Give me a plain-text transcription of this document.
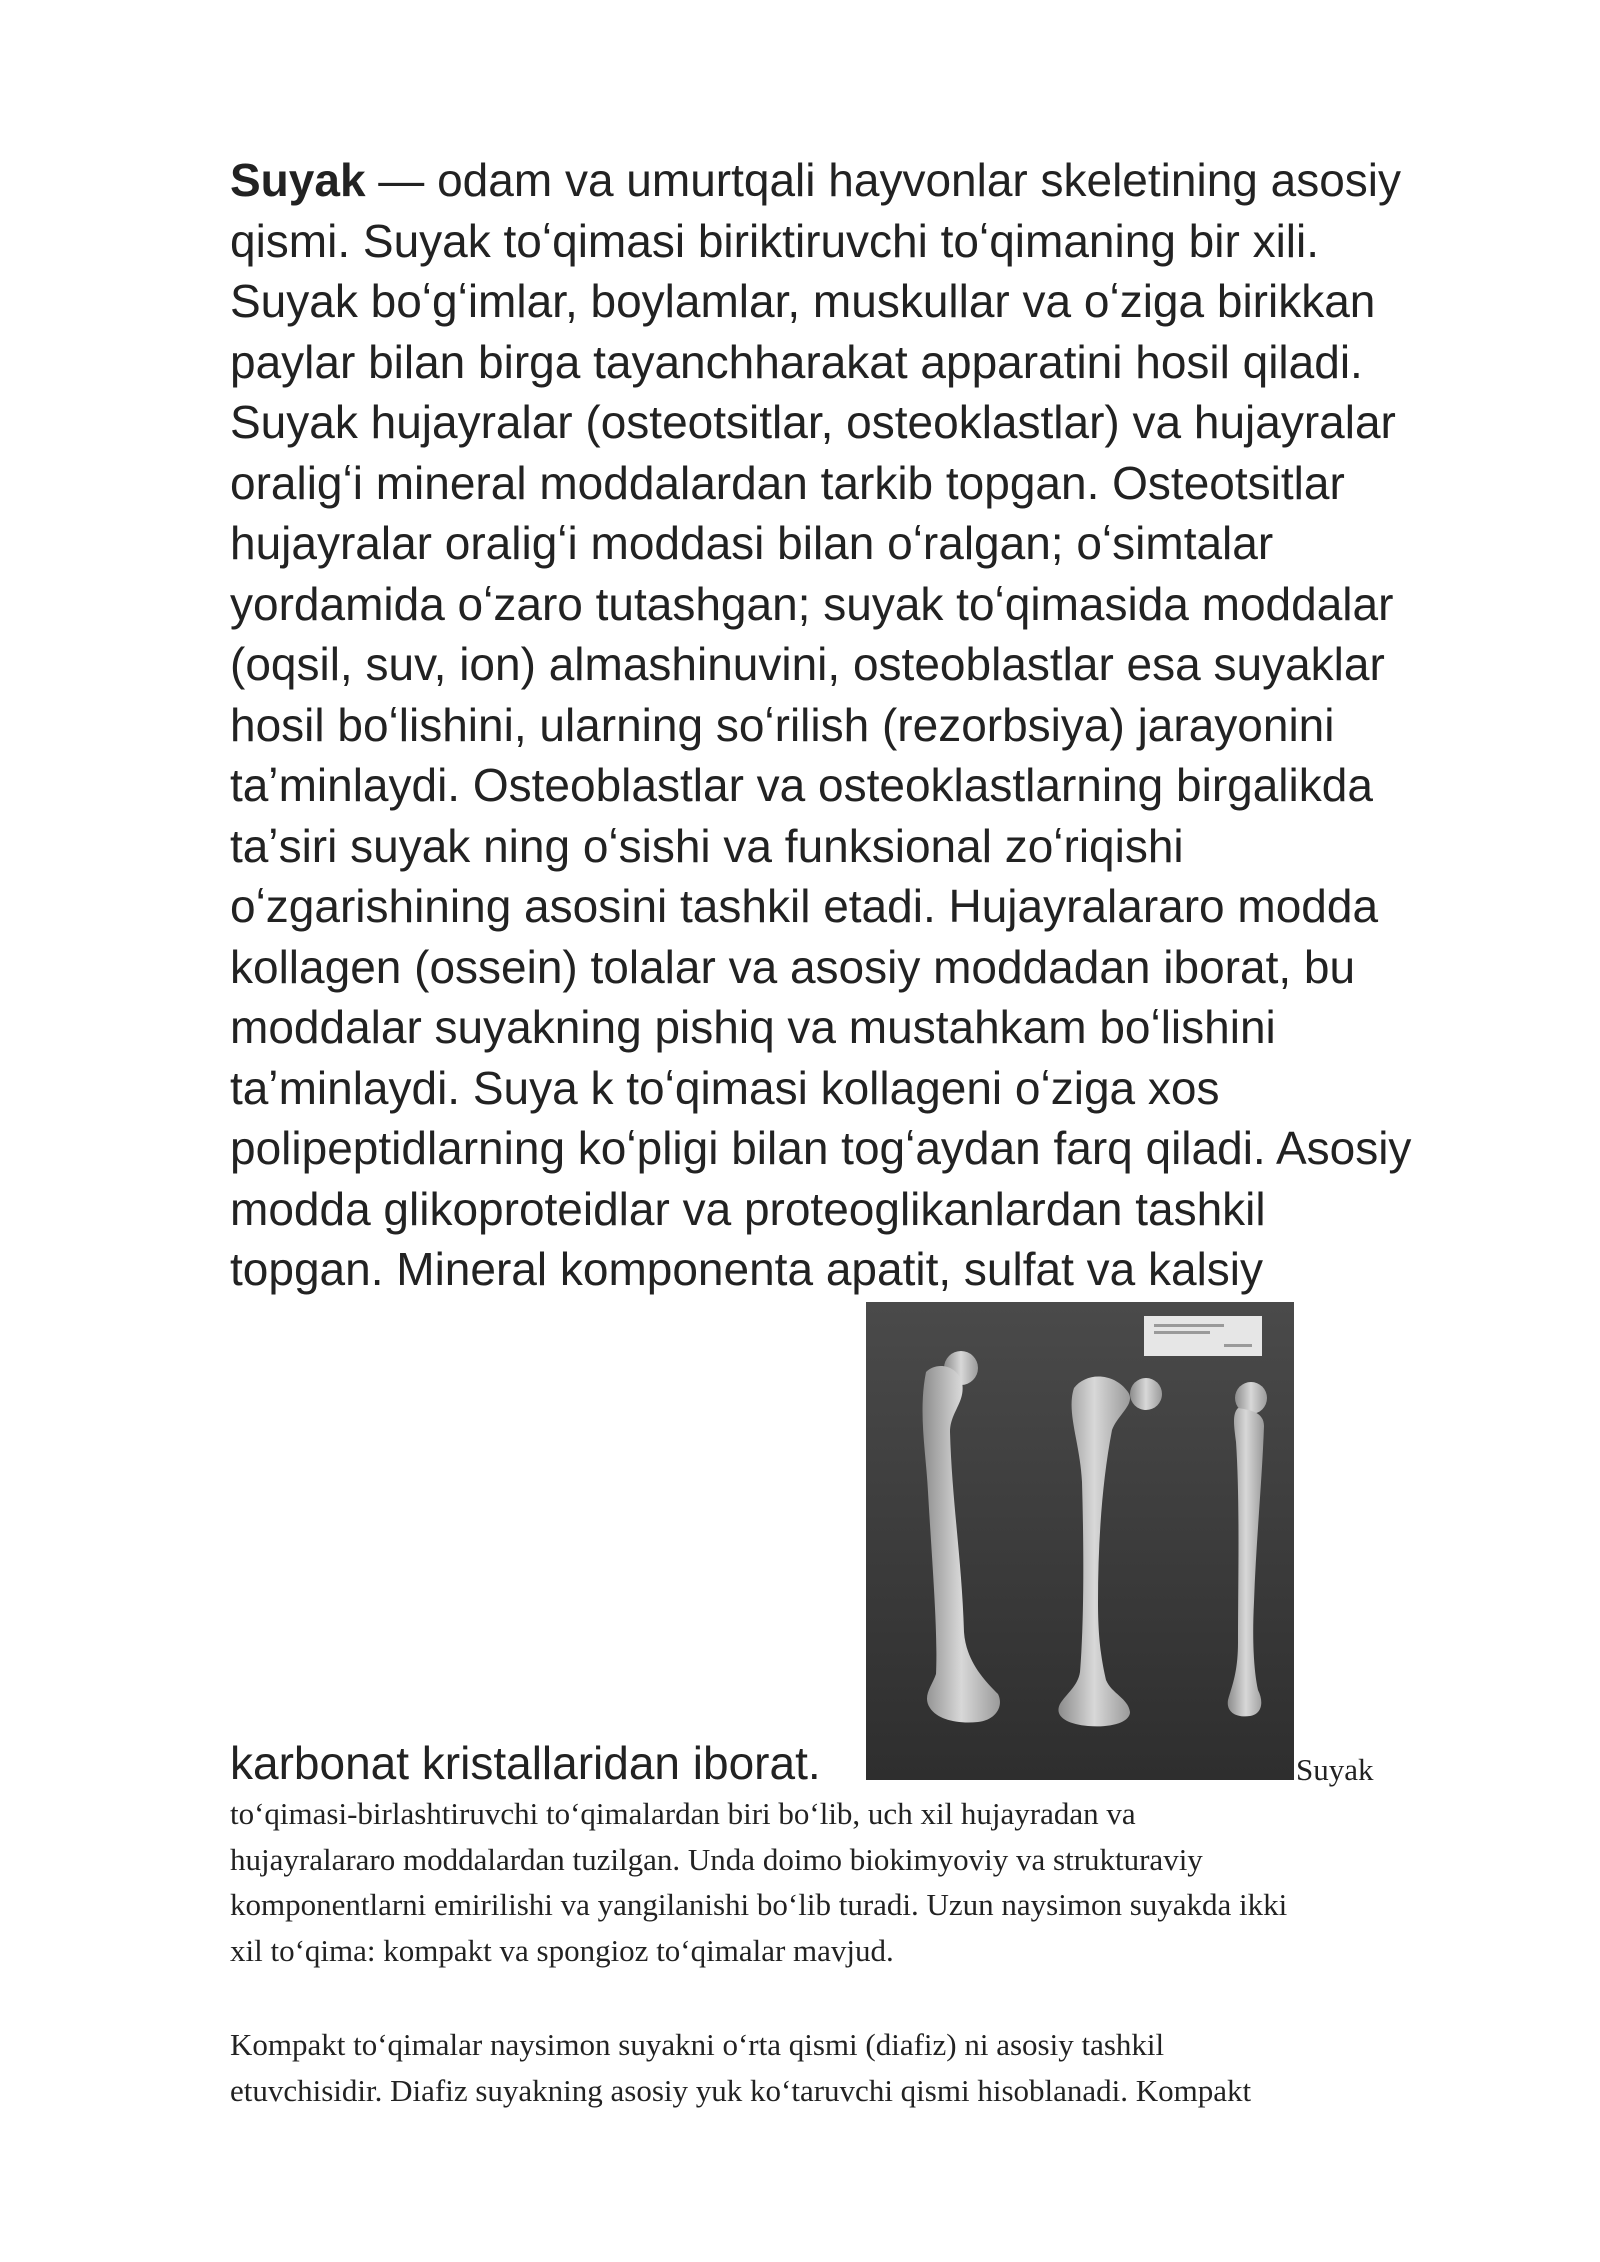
Suyak — odam va umurtqali hayvonlar skeletining asosiy
qismi. Suyak toʻqimasi biriktiruvchi toʻqimaning bir xili.
Suyak boʻgʻimlar, boylamlar, muskullar va oʻziga birikkan
paylar bilan birga tayanchharakat apparatini hosil qiladi.
Suyak hujayralar (osteotsitlar, osteoklastlar) va hujayralar
oraligʻi mineral moddalardan tarkib topgan. Osteotsitlar
hujayralar oraligʻi moddasi bilan oʻralgan; oʻsimtalar
yordamida oʻzaro tutashgan; suyak toʻqimasida moddalar
(oqsil, suv, ion) almashinuvini, osteoblastlar esa suyaklar
hosil boʻlishini, ularning soʻrilish (rezorbsiya) jarayonini
taʼminlaydi. Osteoblastlar va osteoklastlarning birgalikda
taʼsiri suyak ning oʻsishi va funksional zoʻriqishi
oʻzgarishining asosini tashkil etadi. Hujayralararo modda
kollagen (ossein) tolalar va asosiy moddadan iborat, bu
moddalar suyakning pishiq va mustahkam boʻlishini
taʼminlaydi. Suya k toʻqimasi kollageni oʻziga xos
polipeptidlarning koʻpligi bilan togʻaydan farq qiladi. Asosiy
modda glikoproteidlar va proteoglikanlardan tashkil
topgan. Mineral komponenta apatit, sulfat va kalsiy
karbonat kristallaridan iborat.	Suyak
toʻqimasi-birlashtiruvchi toʻqimalardan biri boʻlib, uch xil hujayradan va
hujayralararo moddalardan tuzilgan. Unda doimo biokimyoviy va strukturaviy
komponentlarni emirilishi va yangilanishi boʻlib turadi. Uzun naysimon suyakda ikki
xil toʻqima: kompakt va spongioz toʻqimalar mavjud.
Kompakt toʻqimalar naysimon suyakni oʻrta qismi (diafiz) ni asosiy tashkil
etuvchisidir. Diafiz suyakning asosiy yuk koʻtaruvchi qismi hisoblanadi. Kompakt
